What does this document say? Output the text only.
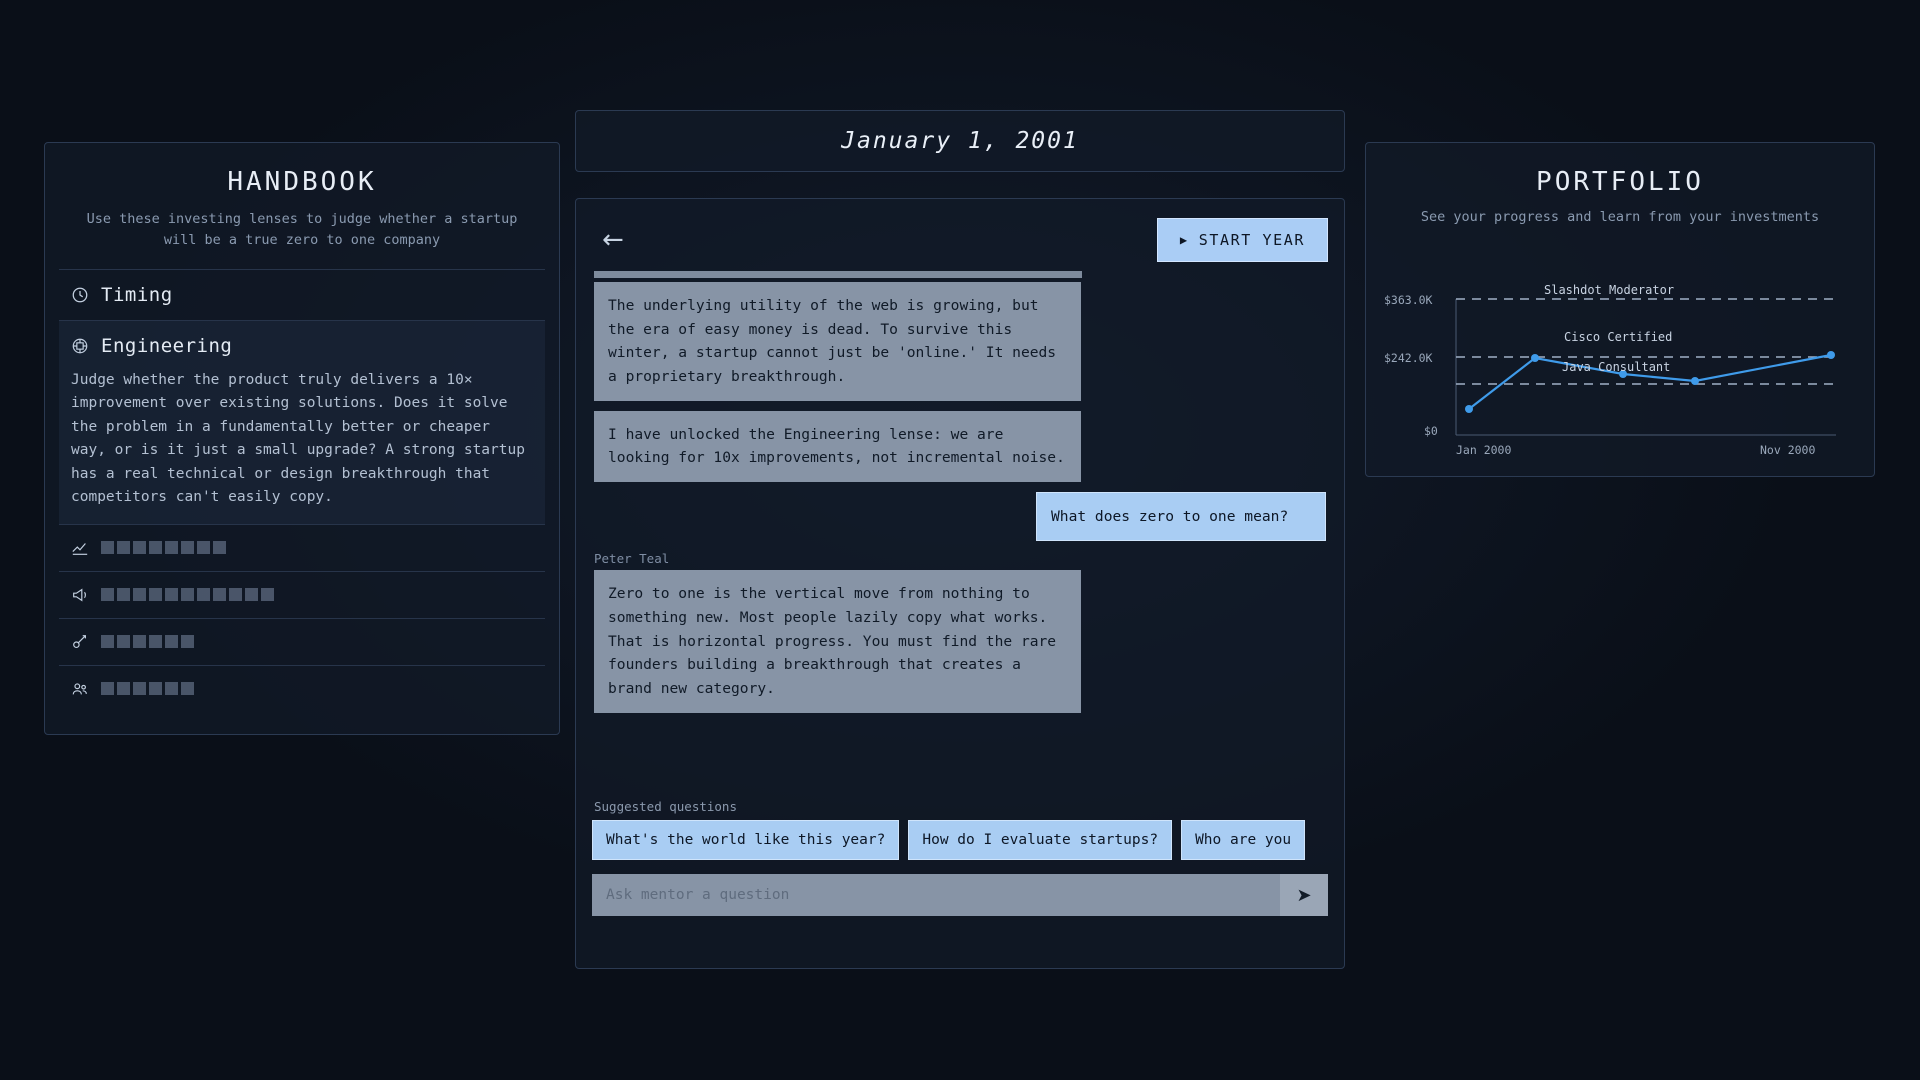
HANDBOOK
Use these investing lenses to judge whether a startup will be a true zero to one company
Timing
Engineering
Judge whether the product truly delivers a 10× improvement over existing solutions. Does it solve the problem in a fundamentally better or cheaper way, or is it just a small upgrade? A strong startup has a real technical or design breakthrough that competitors can't easily copy.
January 1, 2001
←	▶ START YEAR
The underlying utility of the web is growing, but the era of easy money is dead. To survive this winter, a startup cannot just be 'online.' It needs a proprietary breakthrough.
I have unlocked the Engineering lense: we are looking for 10x improvements, not incremental noise.
What does zero to one mean?
Peter Teal
Zero to one is the vertical move from nothing to something new. Most people lazily copy what works. That is horizontal progress. You must find the rare founders building a breakthrough that creates a brand new category.
Suggested questions
What's the world like this year?	How do I evaluate startups?	Who are you
Ask mentor a question
➤
PORTFOLIO
See your progress and learn from your investments
$363.0K
$242.0K
$0
Jan 2000	Nov 2000
Slashdot Moderator
Cisco Certified
Java Consultant
